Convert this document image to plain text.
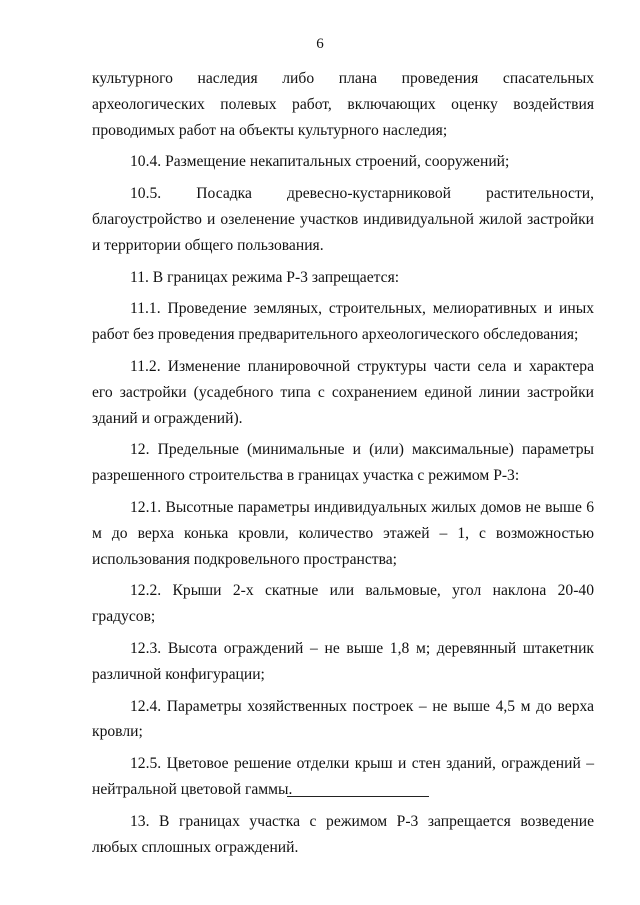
6

культурного наследия либо плана проведения спасательных археологических полевых работ, включающих оценку воздействия проводимых работ на объекты культурного наследия;

10.4. Размещение некапитальных строений, сооружений;

10.5. Посадка древесно-кустарниковой растительности, благоустройство и озеленение участков индивидуальной жилой застройки и территории общего пользования.

11. В границах режима Р-3 запрещается:

11.1. Проведение земляных, строительных, мелиоративных и иных работ без проведения предварительного археологического обследования;

11.2. Изменение планировочной структуры части села и характера его застройки (усадебного типа с сохранением единой линии застройки зданий и ограждений).

12. Предельные (минимальные и (или) максимальные) параметры разрешенного строительства в границах участка с режимом Р-3:

12.1. Высотные параметры индивидуальных жилых домов не выше 6 м до верха конька кровли, количество этажей – 1, с возможностью использования подкровельного пространства;

12.2. Крыши 2-х скатные или вальмовые, угол наклона 20-40 градусов;

12.3. Высота ограждений – не выше 1,8 м; деревянный штакетник различной конфигурации;

12.4. Параметры хозяйственных построек – не выше 4,5 м до верха кровли;

12.5. Цветовое решение отделки крыш и стен зданий, ограждений – нейтральной цветовой гаммы.

13. В границах участка с режимом Р-3 запрещается возведение любых сплошных ограждений.
